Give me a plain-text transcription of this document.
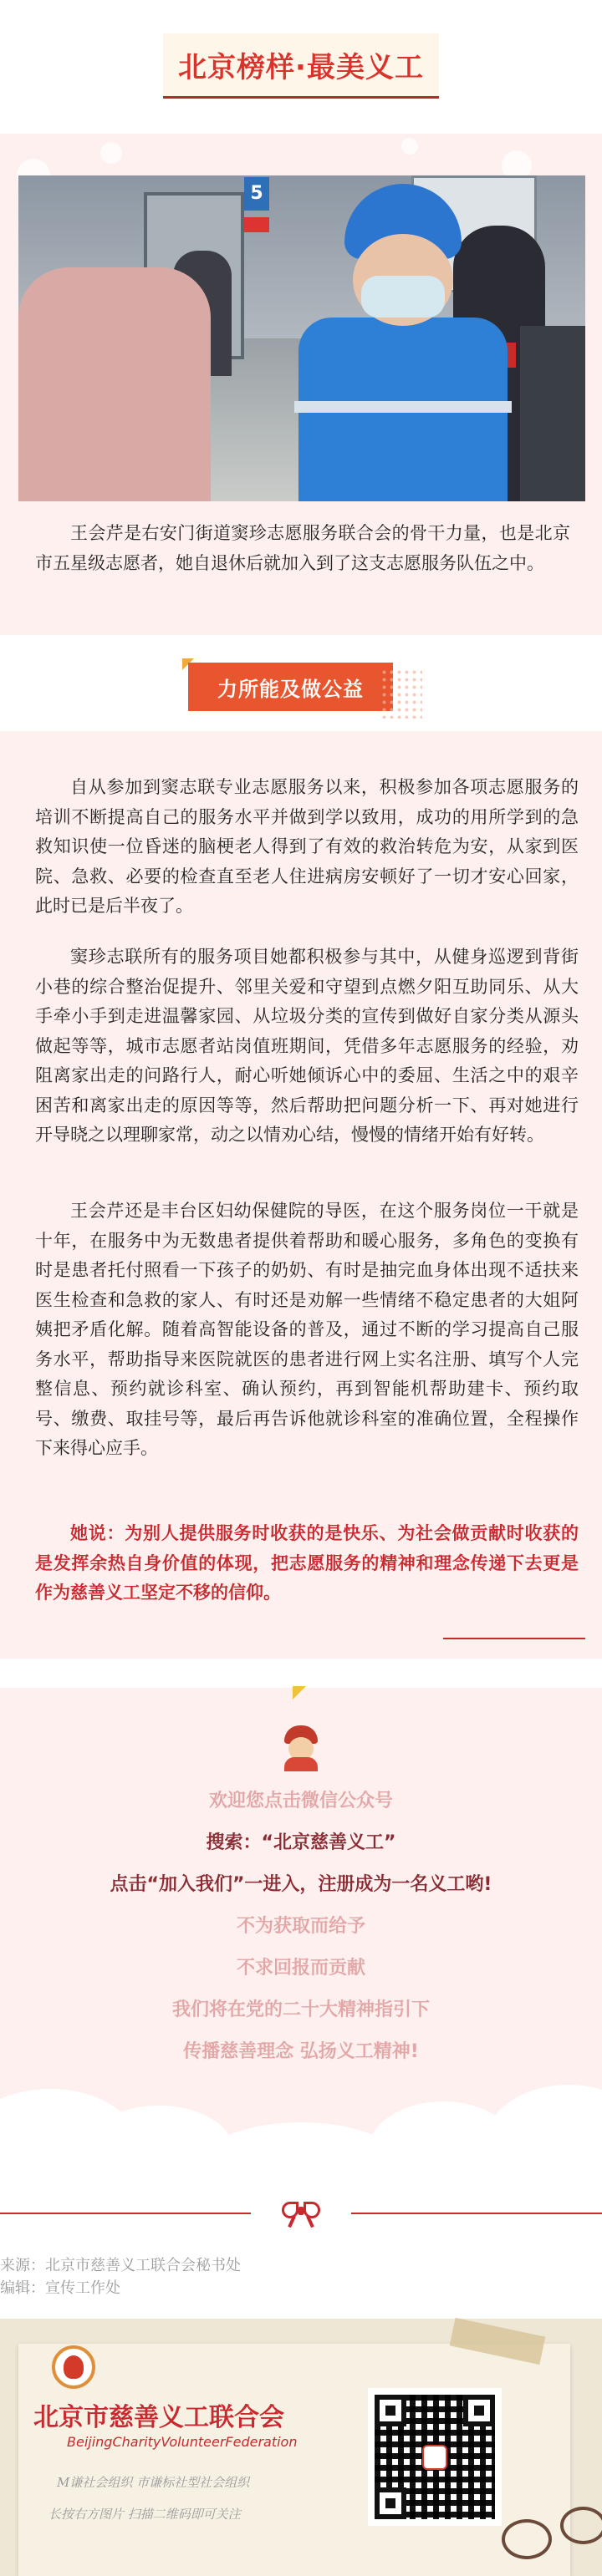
北京榜样·最美义工
5

王会芹是右安门街道窦珍志愿服务联合会的骨干力量，也是北京市五星级志愿者，她自退休后就加入到了这支志愿服务队伍之中。

力所能及做公益

自从参加到窦志联专业志愿服务以来，积极参加各项志愿服务的培训不断提高自己的服务水平并做到学以致用，成功的用所学到的急救知识使一位昏迷的脑梗老人得到了有效的救治转危为安，从家到医院、急救、必要的检查直至老人住进病房安顿好了一切才安心回家，此时已是后半夜了。

窦珍志联所有的服务项目她都积极参与其中，从健身巡逻到背街小巷的综合整治促提升、邻里关爱和守望到点燃夕阳互助同乐、从大手牵小手到走进温馨家园、从垃圾分类的宣传到做好自家分类从源头做起等等，城市志愿者站岗值班期间，凭借多年志愿服务的经验，劝阻离家出走的问路行人，耐心听她倾诉心中的委屈、生活之中的艰辛困苦和离家出走的原因等等，然后帮助把问题分析一下、再对她进行开导晓之以理聊家常，动之以情劝心结，慢慢的情绪开始有好转。

王会芹还是丰台区妇幼保健院的导医，在这个服务岗位一干就是十年，在服务中为无数患者提供着帮助和暖心服务，多角色的变换有时是患者托付照看一下孩子的奶奶、有时是抽完血身体出现不适扶来医生检查和急救的家人、有时还是劝解一些情绪不稳定患者的大姐阿姨把矛盾化解。随着高智能设备的普及，通过不断的学习提高自己服务水平，帮助指导来医院就医的患者进行网上实名注册、填写个人完整信息、预约就诊科室、确认预约，再到智能机帮助建卡、预约取号、缴费、取挂号等，最后再告诉他就诊科室的准确位置，全程操作下来得心应手。

她说：为别人提供服务时收获的是快乐、为社会做贡献时收获的是发挥余热自身价值的体现，把志愿服务的精神和理念传递下去更是作为慈善义工坚定不移的信仰。

欢迎您点击微信公众号
搜索：“北京慈善义工”
点击“加入我们”一进入，注册成为一名义工哟!
不为获取而给予
不求回报而贡献
我们将在党的二十大精神指引下
传播慈善理念 弘扬义工精神!
来源：北京市慈善义工联合会秘书处
编辑：宣传工作处
北京市慈善义工联合会
BeijingCharityVolunteerFederation
M谦社会组织 市谦标社型社会组织
长按右方图片 扫描二维码即可关注
